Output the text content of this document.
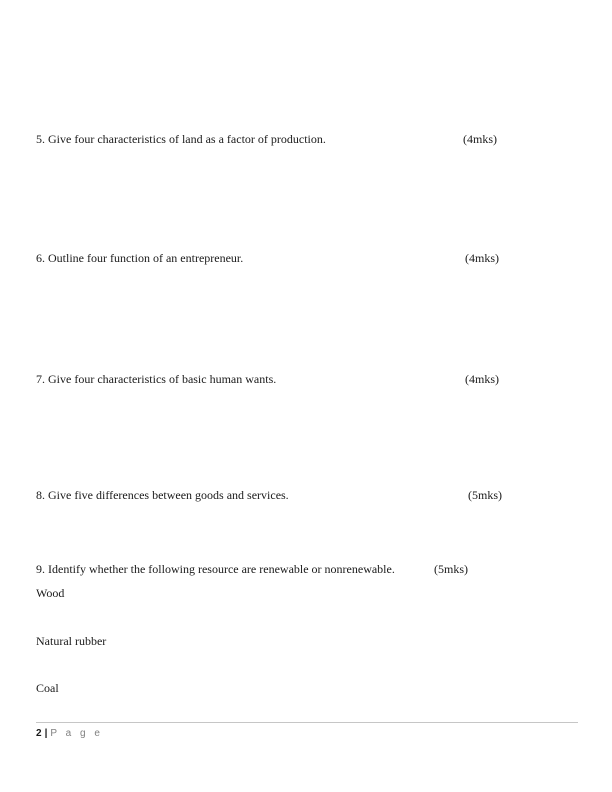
5. Give four characteristics of land as a factor of production.	(4mks)
6. Outline four function of an entrepreneur.	(4mks)
7. Give four characteristics of basic human wants.	(4mks)
8. Give five differences between goods and services.	(5mks)
9. Identify whether the following resource are renewable or nonrenewable.	(5mks)
Wood
Natural rubber
Coal
2 | P a g e
